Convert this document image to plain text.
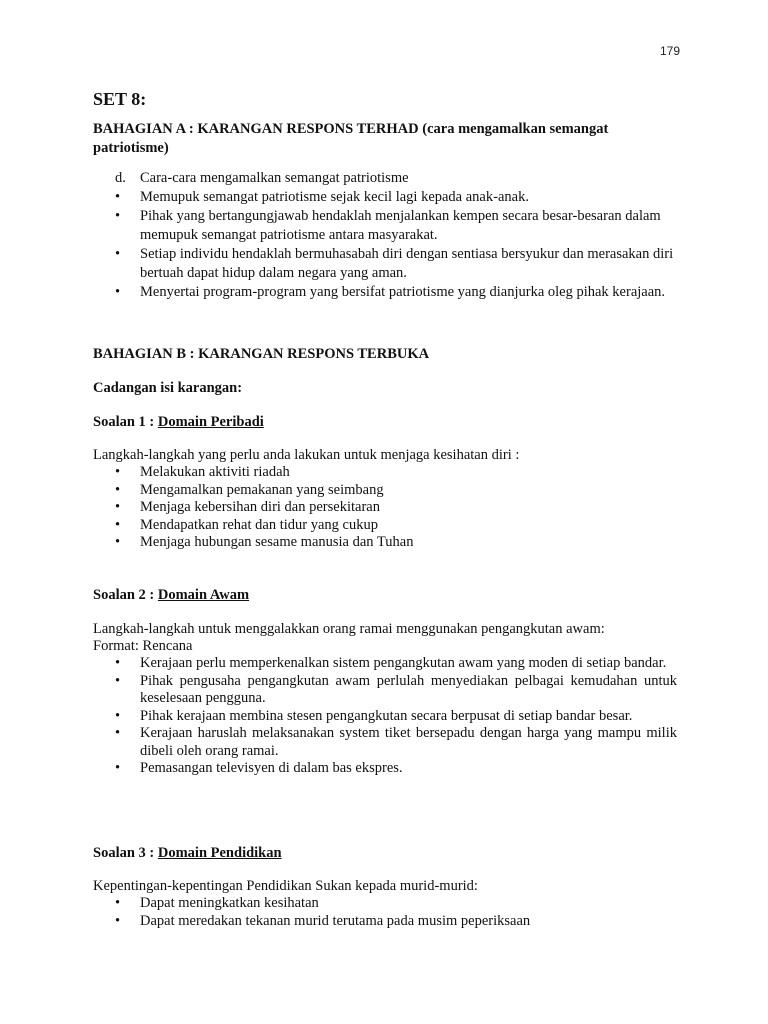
179
SET 8:
BAHAGIAN A : KARANGAN RESPONS TERHAD (cara mengamalkan semangat patriotisme)
d. Cara-cara mengamalkan semangat patriotisme
• Memupuk semangat patriotisme sejak kecil lagi kepada anak-anak.
• Pihak yang bertangungjawab hendaklah menjalankan kempen secara besar-besaran dalam memupuk semangat patriotisme antara masyarakat.
• Setiap individu hendaklah bermuhasabah diri dengan sentiasa bersyukur dan merasakan diri bertuah dapat hidup dalam negara yang aman.
• Menyertai program-program yang bersifat patriotisme yang dianjurka oleg pihak kerajaan.
BAHAGIAN B : KARANGAN RESPONS TERBUKA
Cadangan isi karangan:
Soalan 1 : Domain Peribadi
Langkah-langkah yang perlu anda lakukan untuk menjaga kesihatan diri :
• Melakukan aktiviti riadah
• Mengamalkan pemakanan yang seimbang
• Menjaga kebersihan diri dan persekitaran
• Mendapatkan rehat dan tidur yang cukup
• Menjaga hubungan sesame manusia dan Tuhan
Soalan 2 : Domain Awam
Langkah-langkah untuk menggalakkan orang ramai menggunakan pengangkutan awam:
Format: Rencana
• Kerajaan perlu memperkenalkan sistem pengangkutan awam yang moden di setiap bandar.
• Pihak pengusaha pengangkutan awam perlulah menyediakan pelbagai kemudahan untuk keselesaan pengguna.
• Pihak kerajaan membina stesen pengangkutan secara berpusat di setiap bandar besar.
• Kerajaan haruslah melaksanakan system tiket bersepadu dengan harga yang mampu milik dibeli oleh orang ramai.
• Pemasangan televisyen di dalam bas ekspres.
Soalan 3 : Domain Pendidikan
Kepentingan-kepentingan Pendidikan Sukan kepada murid-murid:
• Dapat meningkatkan kesihatan
• Dapat meredakan tekanan murid terutama pada musim peperiksaan
